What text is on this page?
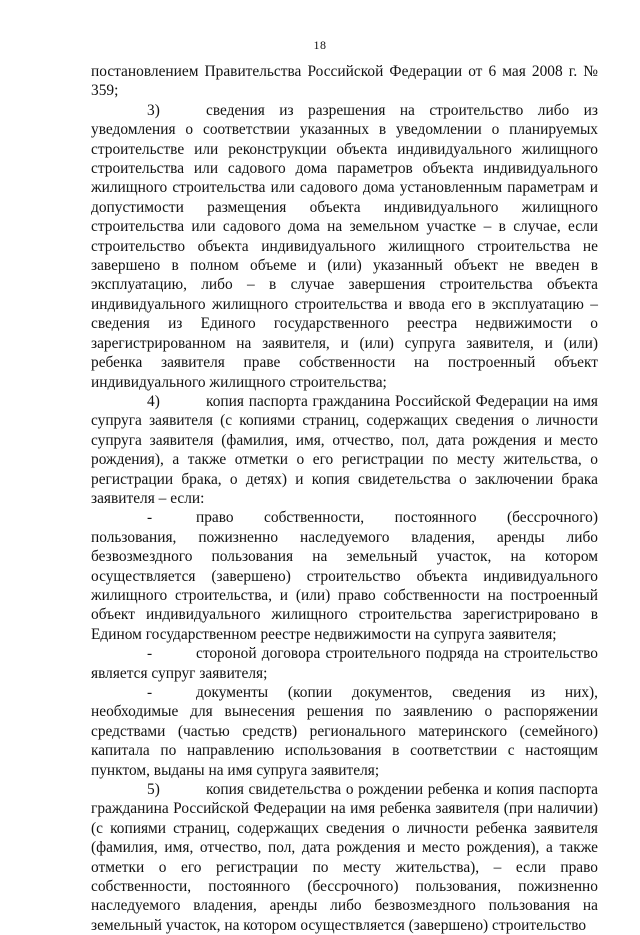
18

постановлением Правительства Российской Федерации от 6 мая 2008 г. № 359;

3)	сведения из разрешения на строительство либо из уведомления о соответствии указанных в уведомлении о планируемых строительстве или реконструкции объекта индивидуального жилищного строительства или садового дома параметров объекта индивидуального жилищного строительства или садового дома установленным параметрам и допустимости размещения объекта индивидуального жилищного строительства или садового дома на земельном участке – в случае, если строительство объекта индивидуального жилищного строительства не завершено в полном объеме и (или) указанный объект не введен в эксплуатацию, либо – в случае завершения строительства объекта индивидуального жилищного строительства и ввода его в эксплуатацию – сведения из Единого государственного реестра недвижимости о зарегистрированном на заявителя, и (или) супруга заявителя, и (или) ребенка заявителя праве собственности на построенный объект индивидуального жилищного строительства;

4)	копия паспорта гражданина Российской Федерации на имя супруга заявителя (с копиями страниц, содержащих сведения о личности супруга заявителя (фамилия, имя, отчество, пол, дата рождения и место рождения), а также отметки о его регистрации по месту жительства, о регистрации брака, о детях) и копия свидетельства о заключении брака заявителя – если:

-	право собственности, постоянного (бессрочного) пользования, пожизненно наследуемого владения, аренды либо безвозмездного пользования на земельный участок, на котором осуществляется (завершено) строительство объекта индивидуального жилищного строительства, и (или) право собственности на построенный объект индивидуального жилищного строительства зарегистрировано в Едином государственном реестре недвижимости на супруга заявителя;

-	стороной договора строительного подряда на строительство является супруг заявителя;

-	документы (копии документов, сведения из них), необходимые для вынесения решения по заявлению о распоряжении средствами (частью средств) регионального материнского (семейного) капитала по направлению использования в соответствии с настоящим пунктом, выданы на имя супруга заявителя;

5)	копия свидетельства о рождении ребенка и копия паспорта гражданина Российской Федерации на имя ребенка заявителя (при наличии) (с копиями страниц, содержащих сведения о личности ребенка заявителя (фамилия, имя, отчество, пол, дата рождения и место рождения), а также отметки о его регистрации по месту жительства), – если право собственности, постоянного (бессрочного) пользования, пожизненно наследуемого владения, аренды либо безвозмездного пользования на земельный участок, на котором осуществляется (завершено) строительство
